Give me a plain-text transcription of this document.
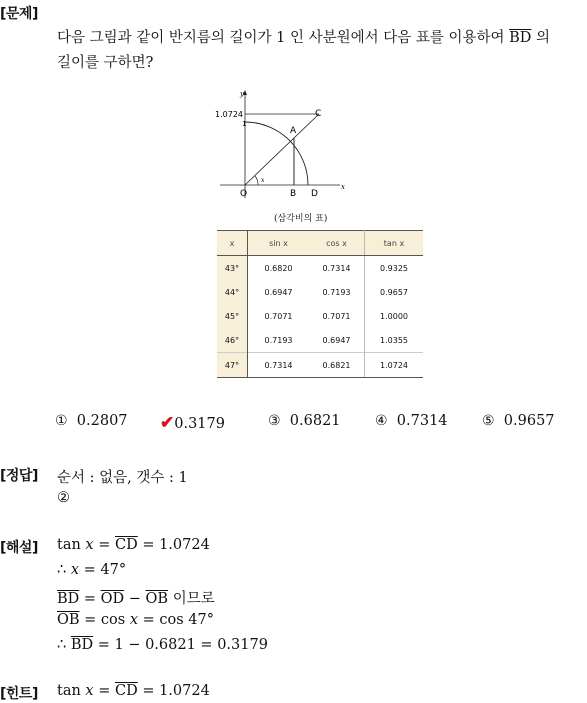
[문제]
다음 그림과 같이 반지름의 길이가 1 인 사분원에서 다음 표를 이용하여 $\overline{BD}$ 의
길이를 구하면?
y
x
1.0724
1
C
A
O	B D
x
(삼각비의 표)
x	sin x	cos x	tan x
43°	0.6820	0.7314	0.9325
44°	0.6947	0.7193	0.9657
45°	0.7071	0.7071	1.0000
46°	0.7193	0.6947	1.0355
47°	0.7314	0.6821	1.0724
① 0.2807 ✔0.3179	③ 0.6821 ④ 0.7314 ⑤ 0.9657
[정답] 순서 : 없음, 갯수 : 1
②
[해설] $\tan x = \overline{CD} = 1.0724$
∴ x = 47°
$\overline{BD} = \overline{OD} - \overline{OB}$ 이므로
$\overline{OB} = \cos x = \cos 47^\circ$
∴ $\overline{BD} = 1 - 0.6821 = 0.3179$
[힌트] $\tan x = \overline{CD} = 1.0724$
